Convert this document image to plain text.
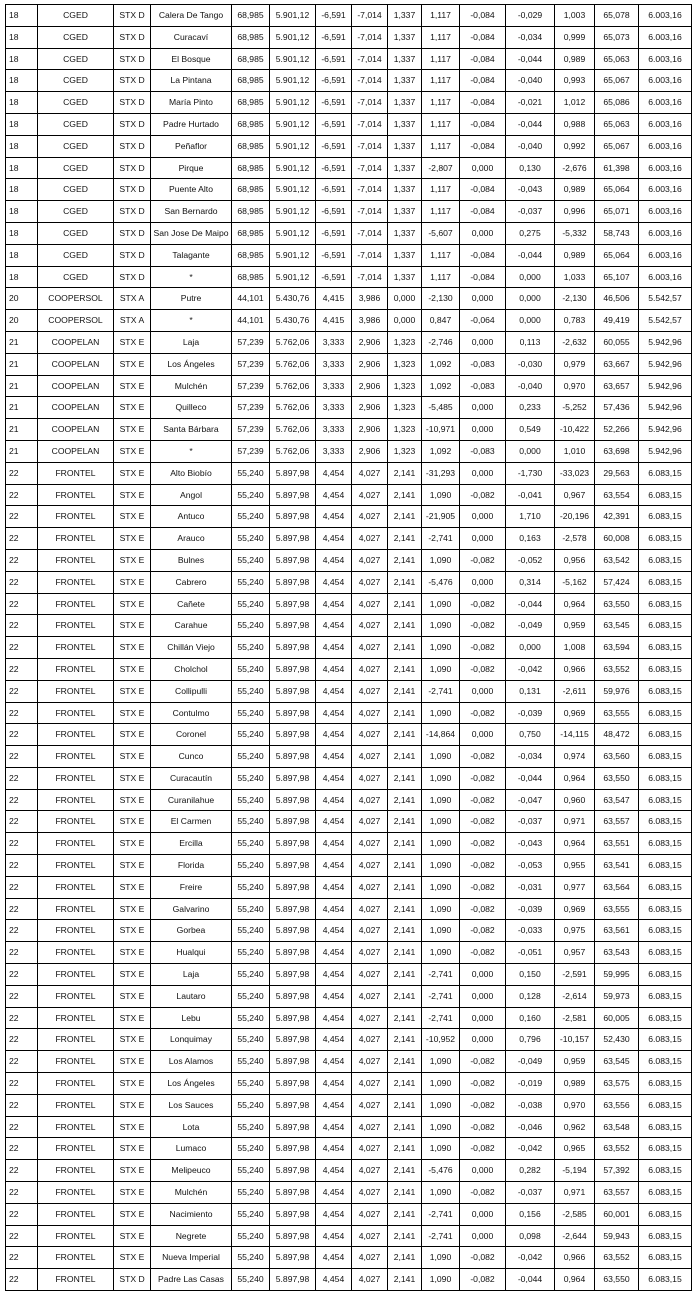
18	CGED	STX D	Calera De Tango	68,985	5.901,12	-6,591	-7,014	1,337	1,117	-0,084	-0,029	1,003	65,078	6.003,16
18	CGED	STX D	Curacaví	68,985	5.901,12	-6,591	-7,014	1,337	1,117	-0,084	-0,034	0,999	65,073	6.003,16
18	CGED	STX D	El Bosque	68,985	5.901,12	-6,591	-7,014	1,337	1,117	-0,084	-0,044	0,989	65,063	6.003,16
18	CGED	STX D	La Pintana	68,985	5.901,12	-6,591	-7,014	1,337	1,117	-0,084	-0,040	0,993	65,067	6.003,16
18	CGED	STX D	María Pinto	68,985	5.901,12	-6,591	-7,014	1,337	1,117	-0,084	-0,021	1,012	65,086	6.003,16
18	CGED	STX D	Padre Hurtado	68,985	5.901,12	-6,591	-7,014	1,337	1,117	-0,084	-0,044	0,988	65,063	6.003,16
18	CGED	STX D	Peñaflor	68,985	5.901,12	-6,591	-7,014	1,337	1,117	-0,084	-0,040	0,992	65,067	6.003,16
18	CGED	STX D	Pirque	68,985	5.901,12	-6,591	-7,014	1,337	-2,807	0,000	0,130	-2,676	61,398	6.003,16
18	CGED	STX D	Puente Alto	68,985	5.901,12	-6,591	-7,014	1,337	1,117	-0,084	-0,043	0,989	65,064	6.003,16
18	CGED	STX D	San Bernardo	68,985	5.901,12	-6,591	-7,014	1,337	1,117	-0,084	-0,037	0,996	65,071	6.003,16
18	CGED	STX D	San Jose De Maipo	68,985	5.901,12	-6,591	-7,014	1,337	-5,607	0,000	0,275	-5,332	58,743	6.003,16
18	CGED	STX D	Talagante	68,985	5.901,12	-6,591	-7,014	1,337	1,117	-0,084	-0,044	0,989	65,064	6.003,16
18	CGED	STX D	*	68,985	5.901,12	-6,591	-7,014	1,337	1,117	-0,084	0,000	1,033	65,107	6.003,16
20	COOPERSOL	STX A	Putre	44,101	5.430,76	4,415	3,986	0,000	-2,130	0,000	0,000	-2,130	46,506	5.542,57
20	COOPERSOL	STX A	*	44,101	5.430,76	4,415	3,986	0,000	0,847	-0,064	0,000	0,783	49,419	5.542,57
21	COOPELAN	STX E	Laja	57,239	5.762,06	3,333	2,906	1,323	-2,746	0,000	0,113	-2,632	60,055	5.942,96
21	COOPELAN	STX E	Los Ángeles	57,239	5.762,06	3,333	2,906	1,323	1,092	-0,083	-0,030	0,979	63,667	5.942,96
21	COOPELAN	STX E	Mulchén	57,239	5.762,06	3,333	2,906	1,323	1,092	-0,083	-0,040	0,970	63,657	5.942,96
21	COOPELAN	STX E	Quilleco	57,239	5.762,06	3,333	2,906	1,323	-5,485	0,000	0,233	-5,252	57,436	5.942,96
21	COOPELAN	STX E	Santa Bárbara	57,239	5.762,06	3,333	2,906	1,323	-10,971	0,000	0,549	-10,422	52,266	5.942,96
21	COOPELAN	STX E	*	57,239	5.762,06	3,333	2,906	1,323	1,092	-0,083	0,000	1,010	63,698	5.942,96
22	FRONTEL	STX E	Alto Biobío	55,240	5.897,98	4,454	4,027	2,141	-31,293	0,000	-1,730	-33,023	29,563	6.083,15
22	FRONTEL	STX E	Angol	55,240	5.897,98	4,454	4,027	2,141	1,090	-0,082	-0,041	0,967	63,554	6.083,15
22	FRONTEL	STX E	Antuco	55,240	5.897,98	4,454	4,027	2,141	-21,905	0,000	1,710	-20,196	42,391	6.083,15
22	FRONTEL	STX E	Arauco	55,240	5.897,98	4,454	4,027	2,141	-2,741	0,000	0,163	-2,578	60,008	6.083,15
22	FRONTEL	STX E	Bulnes	55,240	5.897,98	4,454	4,027	2,141	1,090	-0,082	-0,052	0,956	63,542	6.083,15
22	FRONTEL	STX E	Cabrero	55,240	5.897,98	4,454	4,027	2,141	-5,476	0,000	0,314	-5,162	57,424	6.083,15
22	FRONTEL	STX E	Cañete	55,240	5.897,98	4,454	4,027	2,141	1,090	-0,082	-0,044	0,964	63,550	6.083,15
22	FRONTEL	STX E	Carahue	55,240	5.897,98	4,454	4,027	2,141	1,090	-0,082	-0,049	0,959	63,545	6.083,15
22	FRONTEL	STX E	Chillán Viejo	55,240	5.897,98	4,454	4,027	2,141	1,090	-0,082	0,000	1,008	63,594	6.083,15
22	FRONTEL	STX E	Cholchol	55,240	5.897,98	4,454	4,027	2,141	1,090	-0,082	-0,042	0,966	63,552	6.083,15
22	FRONTEL	STX E	Collipulli	55,240	5.897,98	4,454	4,027	2,141	-2,741	0,000	0,131	-2,611	59,976	6.083,15
22	FRONTEL	STX E	Contulmo	55,240	5.897,98	4,454	4,027	2,141	1,090	-0,082	-0,039	0,969	63,555	6.083,15
22	FRONTEL	STX E	Coronel	55,240	5.897,98	4,454	4,027	2,141	-14,864	0,000	0,750	-14,115	48,472	6.083,15
22	FRONTEL	STX E	Cunco	55,240	5.897,98	4,454	4,027	2,141	1,090	-0,082	-0,034	0,974	63,560	6.083,15
22	FRONTEL	STX E	Curacautín	55,240	5.897,98	4,454	4,027	2,141	1,090	-0,082	-0,044	0,964	63,550	6.083,15
22	FRONTEL	STX E	Curanilahue	55,240	5.897,98	4,454	4,027	2,141	1,090	-0,082	-0,047	0,960	63,547	6.083,15
22	FRONTEL	STX E	El Carmen	55,240	5.897,98	4,454	4,027	2,141	1,090	-0,082	-0,037	0,971	63,557	6.083,15
22	FRONTEL	STX E	Ercilla	55,240	5.897,98	4,454	4,027	2,141	1,090	-0,082	-0,043	0,964	63,551	6.083,15
22	FRONTEL	STX E	Florida	55,240	5.897,98	4,454	4,027	2,141	1,090	-0,082	-0,053	0,955	63,541	6.083,15
22	FRONTEL	STX E	Freire	55,240	5.897,98	4,454	4,027	2,141	1,090	-0,082	-0,031	0,977	63,564	6.083,15
22	FRONTEL	STX E	Galvarino	55,240	5.897,98	4,454	4,027	2,141	1,090	-0,082	-0,039	0,969	63,555	6.083,15
22	FRONTEL	STX E	Gorbea	55,240	5.897,98	4,454	4,027	2,141	1,090	-0,082	-0,033	0,975	63,561	6.083,15
22	FRONTEL	STX E	Hualqui	55,240	5.897,98	4,454	4,027	2,141	1,090	-0,082	-0,051	0,957	63,543	6.083,15
22	FRONTEL	STX E	Laja	55,240	5.897,98	4,454	4,027	2,141	-2,741	0,000	0,150	-2,591	59,995	6.083,15
22	FRONTEL	STX E	Lautaro	55,240	5.897,98	4,454	4,027	2,141	-2,741	0,000	0,128	-2,614	59,973	6.083,15
22	FRONTEL	STX E	Lebu	55,240	5.897,98	4,454	4,027	2,141	-2,741	0,000	0,160	-2,581	60,005	6.083,15
22	FRONTEL	STX E	Lonquimay	55,240	5.897,98	4,454	4,027	2,141	-10,952	0,000	0,796	-10,157	52,430	6.083,15
22	FRONTEL	STX E	Los Alamos	55,240	5.897,98	4,454	4,027	2,141	1,090	-0,082	-0,049	0,959	63,545	6.083,15
22	FRONTEL	STX E	Los Ángeles	55,240	5.897,98	4,454	4,027	2,141	1,090	-0,082	-0,019	0,989	63,575	6.083,15
22	FRONTEL	STX E	Los Sauces	55,240	5.897,98	4,454	4,027	2,141	1,090	-0,082	-0,038	0,970	63,556	6.083,15
22	FRONTEL	STX E	Lota	55,240	5.897,98	4,454	4,027	2,141	1,090	-0,082	-0,046	0,962	63,548	6.083,15
22	FRONTEL	STX E	Lumaco	55,240	5.897,98	4,454	4,027	2,141	1,090	-0,082	-0,042	0,965	63,552	6.083,15
22	FRONTEL	STX E	Melipeuco	55,240	5.897,98	4,454	4,027	2,141	-5,476	0,000	0,282	-5,194	57,392	6.083,15
22	FRONTEL	STX E	Mulchén	55,240	5.897,98	4,454	4,027	2,141	1,090	-0,082	-0,037	0,971	63,557	6.083,15
22	FRONTEL	STX E	Nacimiento	55,240	5.897,98	4,454	4,027	2,141	-2,741	0,000	0,156	-2,585	60,001	6.083,15
22	FRONTEL	STX E	Negrete	55,240	5.897,98	4,454	4,027	2,141	-2,741	0,000	0,098	-2,644	59,943	6.083,15
22	FRONTEL	STX E	Nueva Imperial	55,240	5.897,98	4,454	4,027	2,141	1,090	-0,082	-0,042	0,966	63,552	6.083,15
22	FRONTEL	STX D	Padre Las Casas	55,240	5.897,98	4,454	4,027	2,141	1,090	-0,082	-0,044	0,964	63,550	6.083,15
